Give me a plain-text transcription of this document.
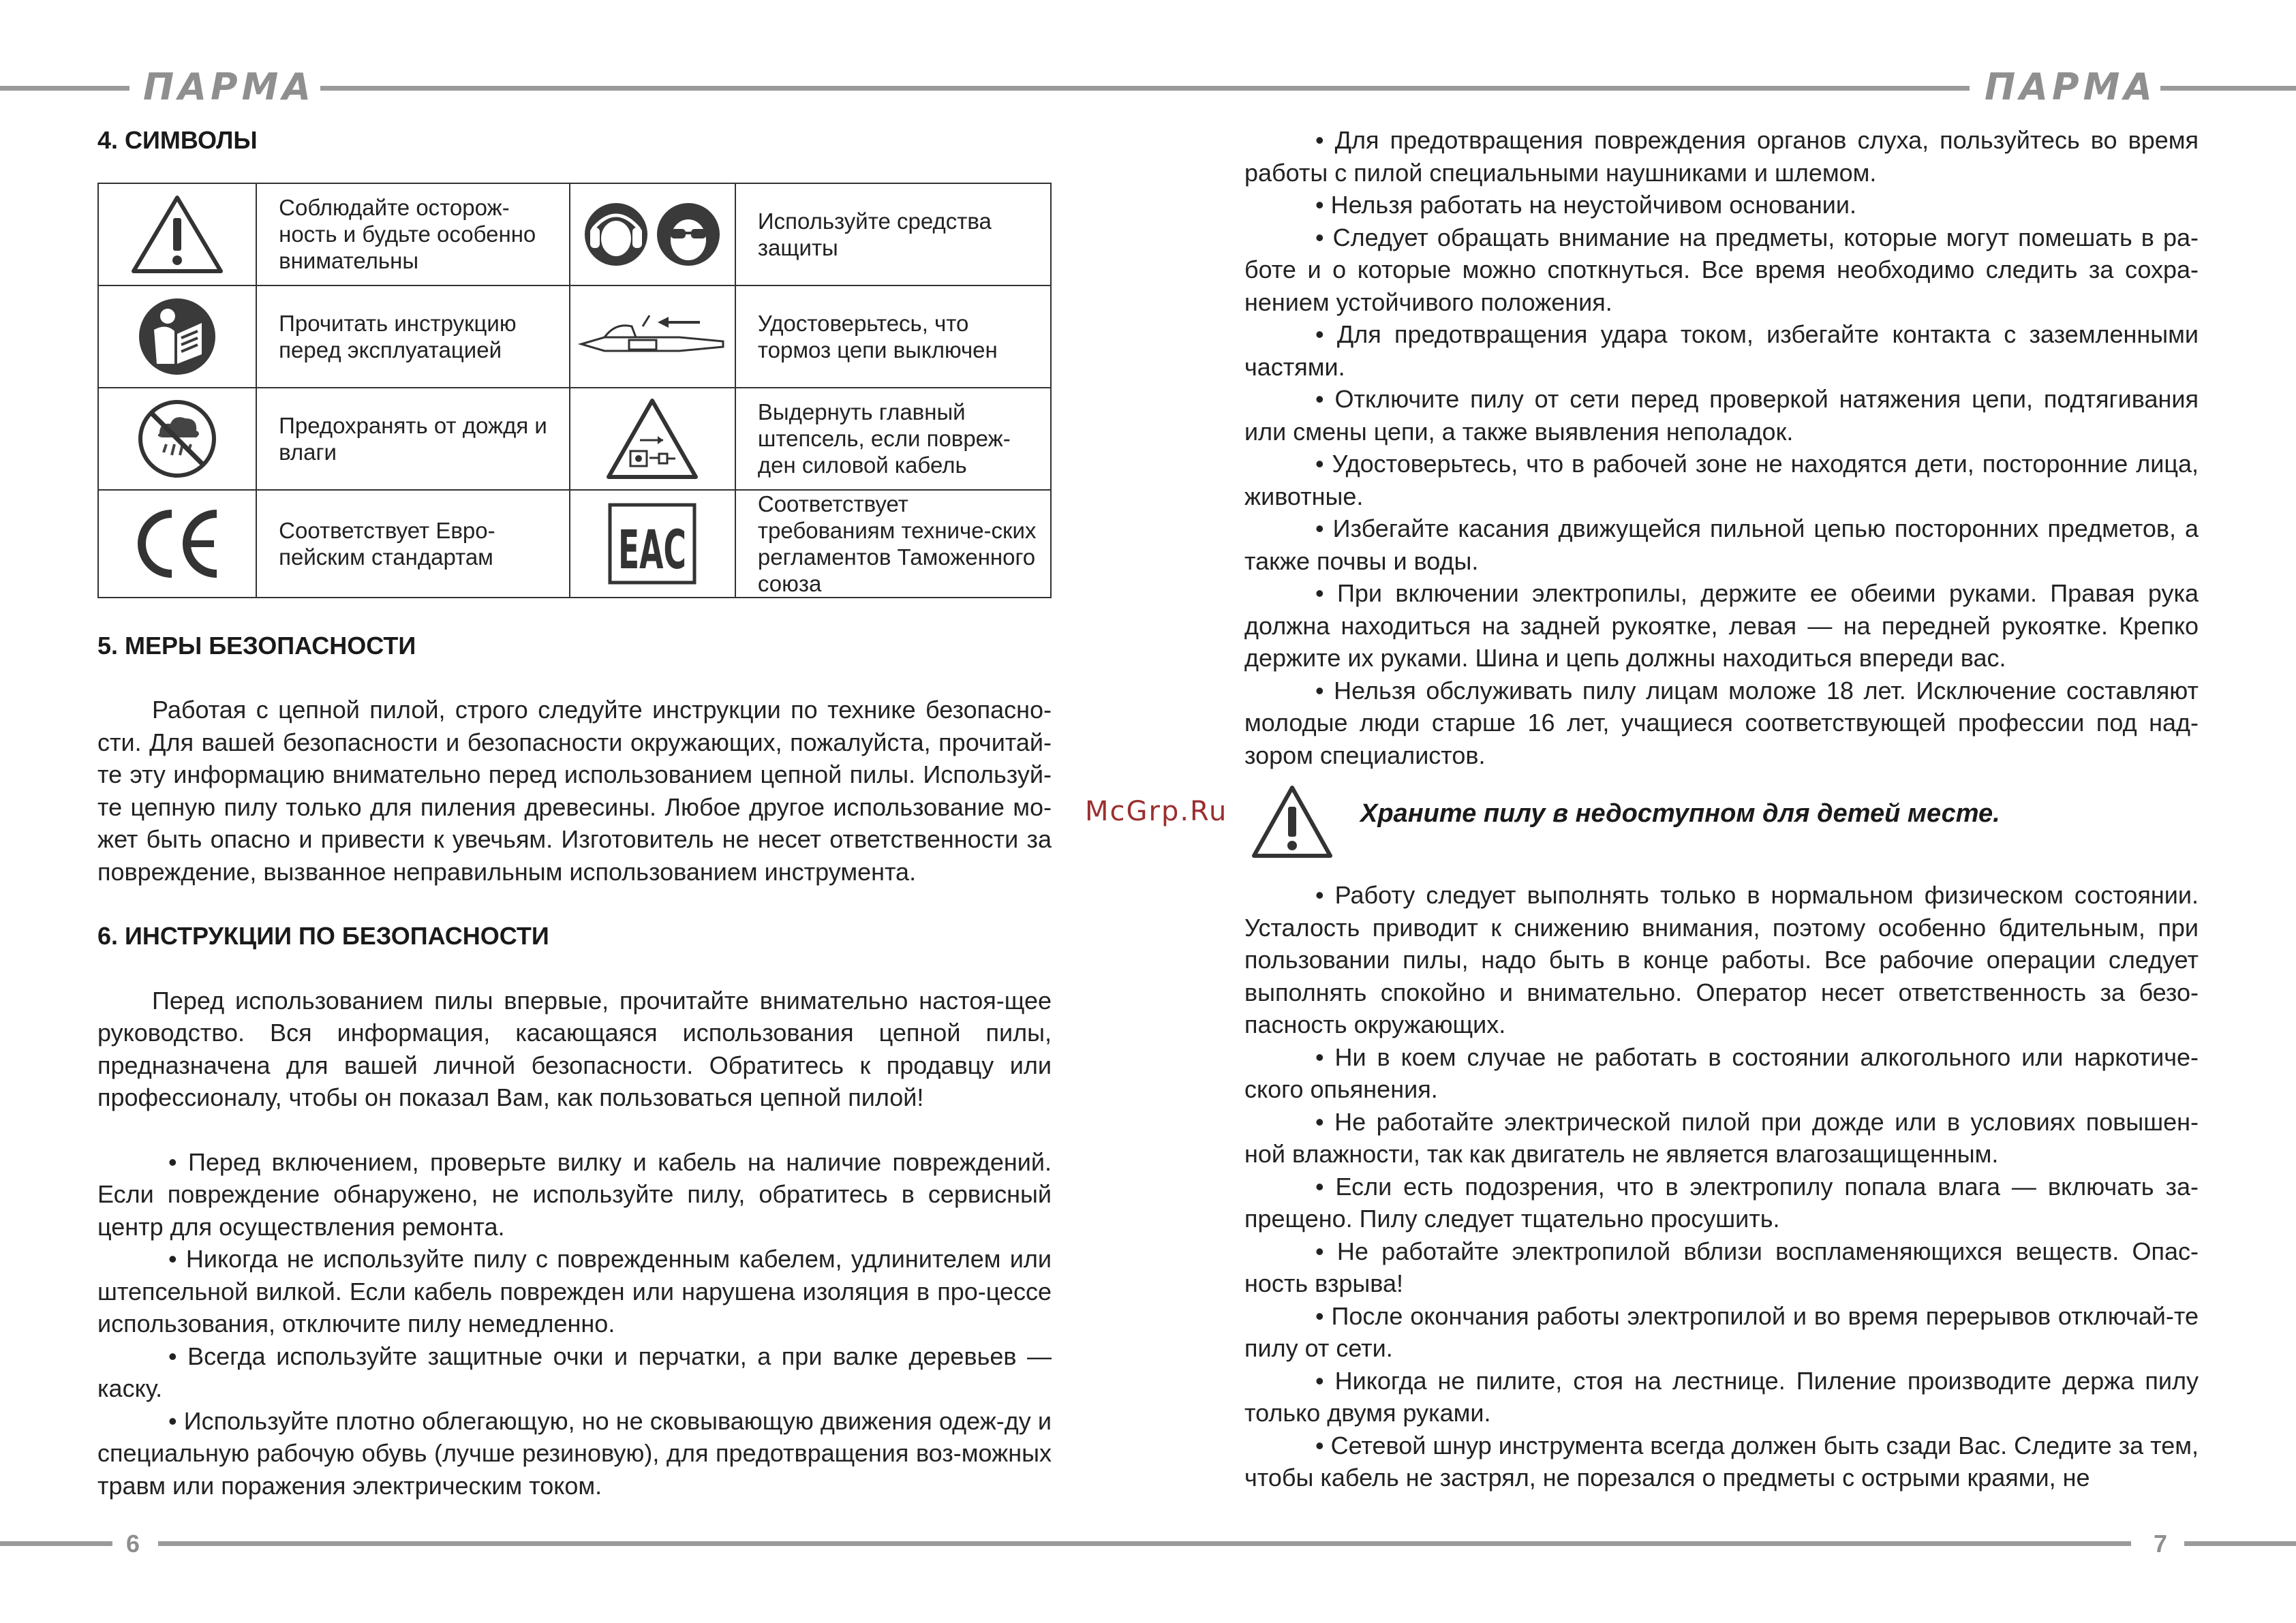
ПАРМА	ПАРМА
6	7
McGrp.Ru
4. СИМВОЛЫ
	Соблюдайте осторож-ность и будьте особенно внимательны		Используйте средства защиты

	Прочитать инструкцию перед эксплуатацией		Удостоверьтесь, что тормоз цепи выключен

	Предохранять от дождя и влаги		Выдернуть главный штепсель, если повреж-ден силовой кабель

	Соответствует Евро-пейским стандартам	EAC	Соответствует требованиям техниче-ских регламентов Таможенного союза
5. МЕРЫ БЕЗОПАСНОСТИ

Работая с цепной пилой, строго следуйте инструкции по технике безопасно-сти. Для вашей безопасности и безопасности окружающих, пожалуйста, прочитай-те эту информацию внимательно перед использованием цепной пилы. Используй-те цепную пилу только для пиления древесины. Любое другое использование мо-жет быть опасно и привести к увечьям. Изготовитель не несет ответственности за повреждение, вызванное неправильным использованием инструмента.

6. ИНСТРУКЦИИ ПО БЕЗОПАСНОСТИ

Перед использованием пилы впервые, прочитайте внимательно настоя-щее руководство. Вся информация, касающаяся использования цепной пилы, предназначена для вашей личной безопасности. Обратитесь к продавцу или профессионалу, чтобы он показал Вам, как пользоваться цепной пилой!

• Перед включением, проверьте вилку и кабель на наличие повреждений. Если повреждение обнаружено, не используйте пилу, обратитесь в сервисный центр для осуществления ремонта.

• Никогда не используйте пилу с поврежденным кабелем, удлинителем или штепсельной вилкой. Если кабель поврежден или нарушена изоляция в про-цессе использования, отключите пилу немедленно.

• Всегда используйте защитные очки и перчатки, а при валке деревьев — каску.

• Используйте плотно облегающую, но не сковывающую движения одеж-ду и специальную рабочую обувь (лучше резиновую), для предотвращения воз-можных травм или поражения электрическим током.

• Для предотвращения повреждения органов слуха, пользуйтесь во время работы с пилой специальными наушниками и шлемом.

• Нельзя работать на неустойчивом основании.

• Следует обращать внимание на предметы, которые могут помешать в ра-боте и о которые можно споткнуться. Все время необходимо следить за сохра-нением устойчивого положения.

• Для предотвращения удара током, избегайте контакта с заземленными частями.

• Отключите пилу от сети перед проверкой натяжения цепи, подтягивания или смены цепи, а также выявления неполадок.

• Удостоверьтесь, что в рабочей зоне не находятся дети, посторонние лица, животные.

• Избегайте касания движущейся пильной цепью посторонних предметов, а также почвы и воды.

• При включении электропилы, держите ее обеими руками. Правая рука должна находиться на задней рукоятке, левая — на передней рукоятке. Крепко держите их руками. Шина и цепь должны находиться впереди вас.

• Нельзя обслуживать пилу лицам моложе 18 лет. Исключение составляют молодые люди старше 16 лет, учащиеся соответствующей профессии под над-зором специалистов.

Храните пилу в недоступном для детей месте.

• Работу следует выполнять только в нормальном физическом состоянии. Усталость приводит к снижению внимания, поэтому особенно бдительным, при пользовании пилы, надо быть в конце работы. Все рабочие операции следует выполнять спокойно и внимательно. Оператор несет ответственность за безо-пасность окружающих.

• Ни в коем случае не работать в состоянии алкогольного или наркотиче-ского опьянения.

• Не работайте электрической пилой при дожде или в условиях повышен-ной влажности, так как двигатель не является влагозащищенным.

• Если есть подозрения, что в электропилу попала влага — включать за-прещено. Пилу следует тщательно просушить.

• Не работайте электропилой вблизи воспламеняющихся веществ. Опас-ность взрыва!

• После окончания работы электропилой и во время перерывов отключай-те пилу от сети.

• Никогда не пилите, стоя на лестнице. Пиление производите держа пилу только двумя руками.

• Сетевой шнур инструмента всегда должен быть сзади Вас. Следите за тем, чтобы кабель не застрял, не порезался о предметы с острыми краями, не
